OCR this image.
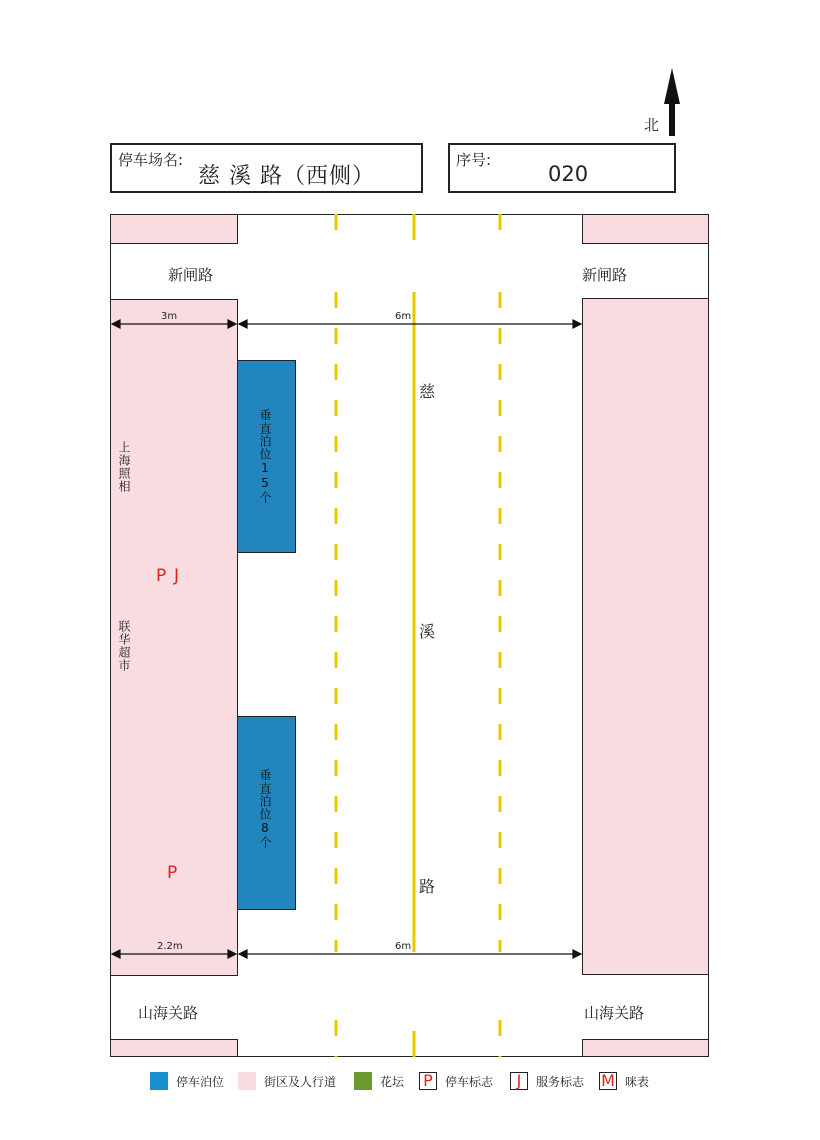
北
停车场名:
慈 溪 路（西侧）
序号:
020
3m	6m
2.2m	6m
新闸路	新闸路
山海关路	山海关路
慈
溪
路
上海照相
联华超市
P J
P
垂直泊位15个
垂直泊位8个
停车泊位	街区及人行道	花坛 P	停车标志	J	服务标志 M 咪表
